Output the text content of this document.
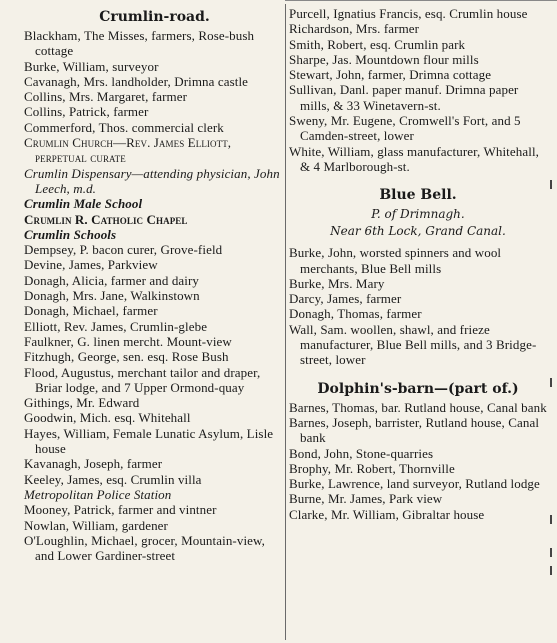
Crumlin-road.
Blackham, The Misses, farmers, Rose-bush cottage
Burke, William, surveyor
Cavanagh, Mrs. landholder, Drimna castle
Collins, Mrs. Margaret, farmer
Collins, Patrick, farmer
Commerford, Thos. commercial clerk
Crumlin Church—Rev. James Elliott, perpetual curate
Crumlin Dispensary—attending physician, John Leech, m.d.
Crumlin Male School
Crumlin R. Catholic Chapel
Crumlin Schools
Dempsey, P. bacon curer, Grove-field
Devine, James, Parkview
Donagh, Alicia, farmer and dairy
Donagh, Mrs. Jane, Walkinstown
Donagh, Michael, farmer
Elliott, Rev. James, Crumlin-glebe
Faulkner, G. linen mercht. Mount-view
Fitzhugh, George, sen. esq. Rose Bush
Flood, Augustus, merchant tailor and draper, Briar lodge, and 7 Upper Ormond-quay
Githings, Mr. Edward
Goodwin, Mich. esq. Whitehall
Hayes, William, Female Lunatic Asylum, Lisle house
Kavanagh, Joseph, farmer
Keeley, James, esq. Crumlin villa
Metropolitan Police Station
Mooney, Patrick, farmer and vintner
Nowlan, William, gardener
O'Loughlin, Michael, grocer, Mountain-view, and Lower Gardiner-street
Purcell, Ignatius Francis, esq. Crumlin house
Richardson, Mrs. farmer
Smith, Robert, esq. Crumlin park
Sharpe, Jas. Mountdown flour mills
Stewart, John, farmer, Drimna cottage
Sullivan, Danl. paper manuf. Drimna paper mills, & 33 Winetavern-st.
Sweny, Mr. Eugene, Cromwell's Fort, and 5 Camden-street, lower
White, William, glass manufacturer, Whitehall, & 4 Marlborough-st.
Blue Bell.
P. of Drimnagh.
Near 6th Lock, Grand Canal.
Burke, John, worsted spinners and wool merchants, Blue Bell mills
Burke, Mrs. Mary
Darcy, James, farmer
Donagh, Thomas, farmer
Wall, Sam. woollen, shawl, and frieze manufacturer, Blue Bell mills, and 3 Bridge-street, lower
Dolphin's-barn—(part of.)
Barnes, Thomas, bar. Rutland house, Canal bank
Barnes, Joseph, barrister, Rutland house, Canal bank
Bond, John, Stone-quarries
Brophy, Mr. Robert, Thornville
Burke, Lawrence, land surveyor, Rutland lodge
Burne, Mr. James, Park view
Clarke, Mr. William, Gibraltar house
